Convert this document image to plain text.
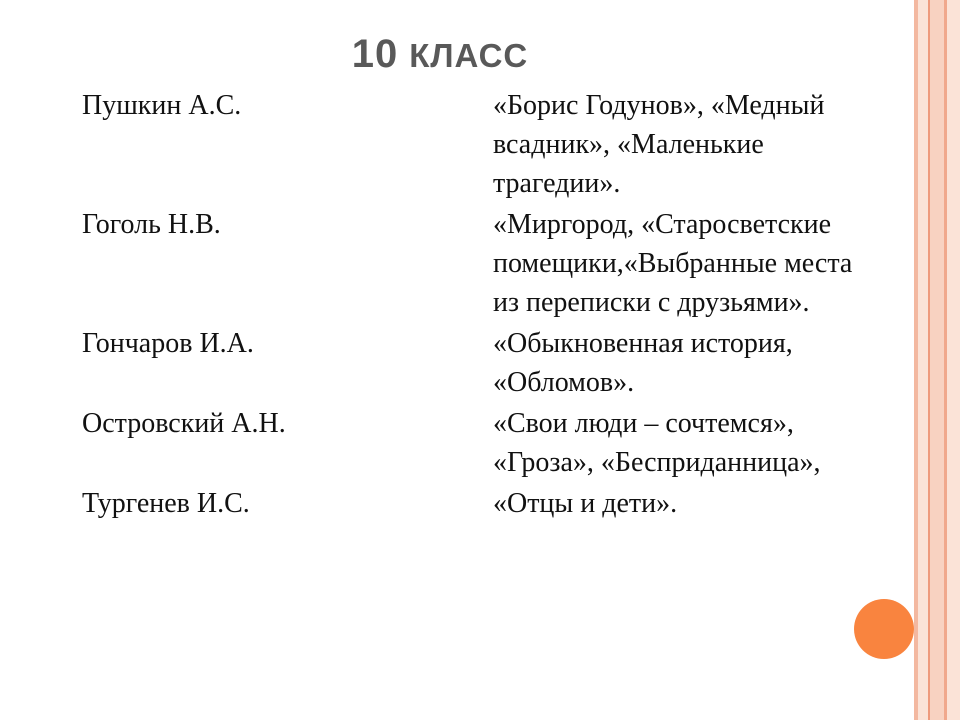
10 КЛАСС
Пушкин А.С.	«Борис Годунов», «Медный всадник», «Маленькие трагедии».
Гоголь Н.В.	«Миргород, «Старосветские помещики,«Выбранные места из переписки с друзьями».
Гончаров И.А.	«Обыкновенная история, «Обломов».
Островский А.Н.	«Свои люди – сочтемся», «Гроза», «Бесприданница»,
Тургенев И.С.	«Отцы и дети».
